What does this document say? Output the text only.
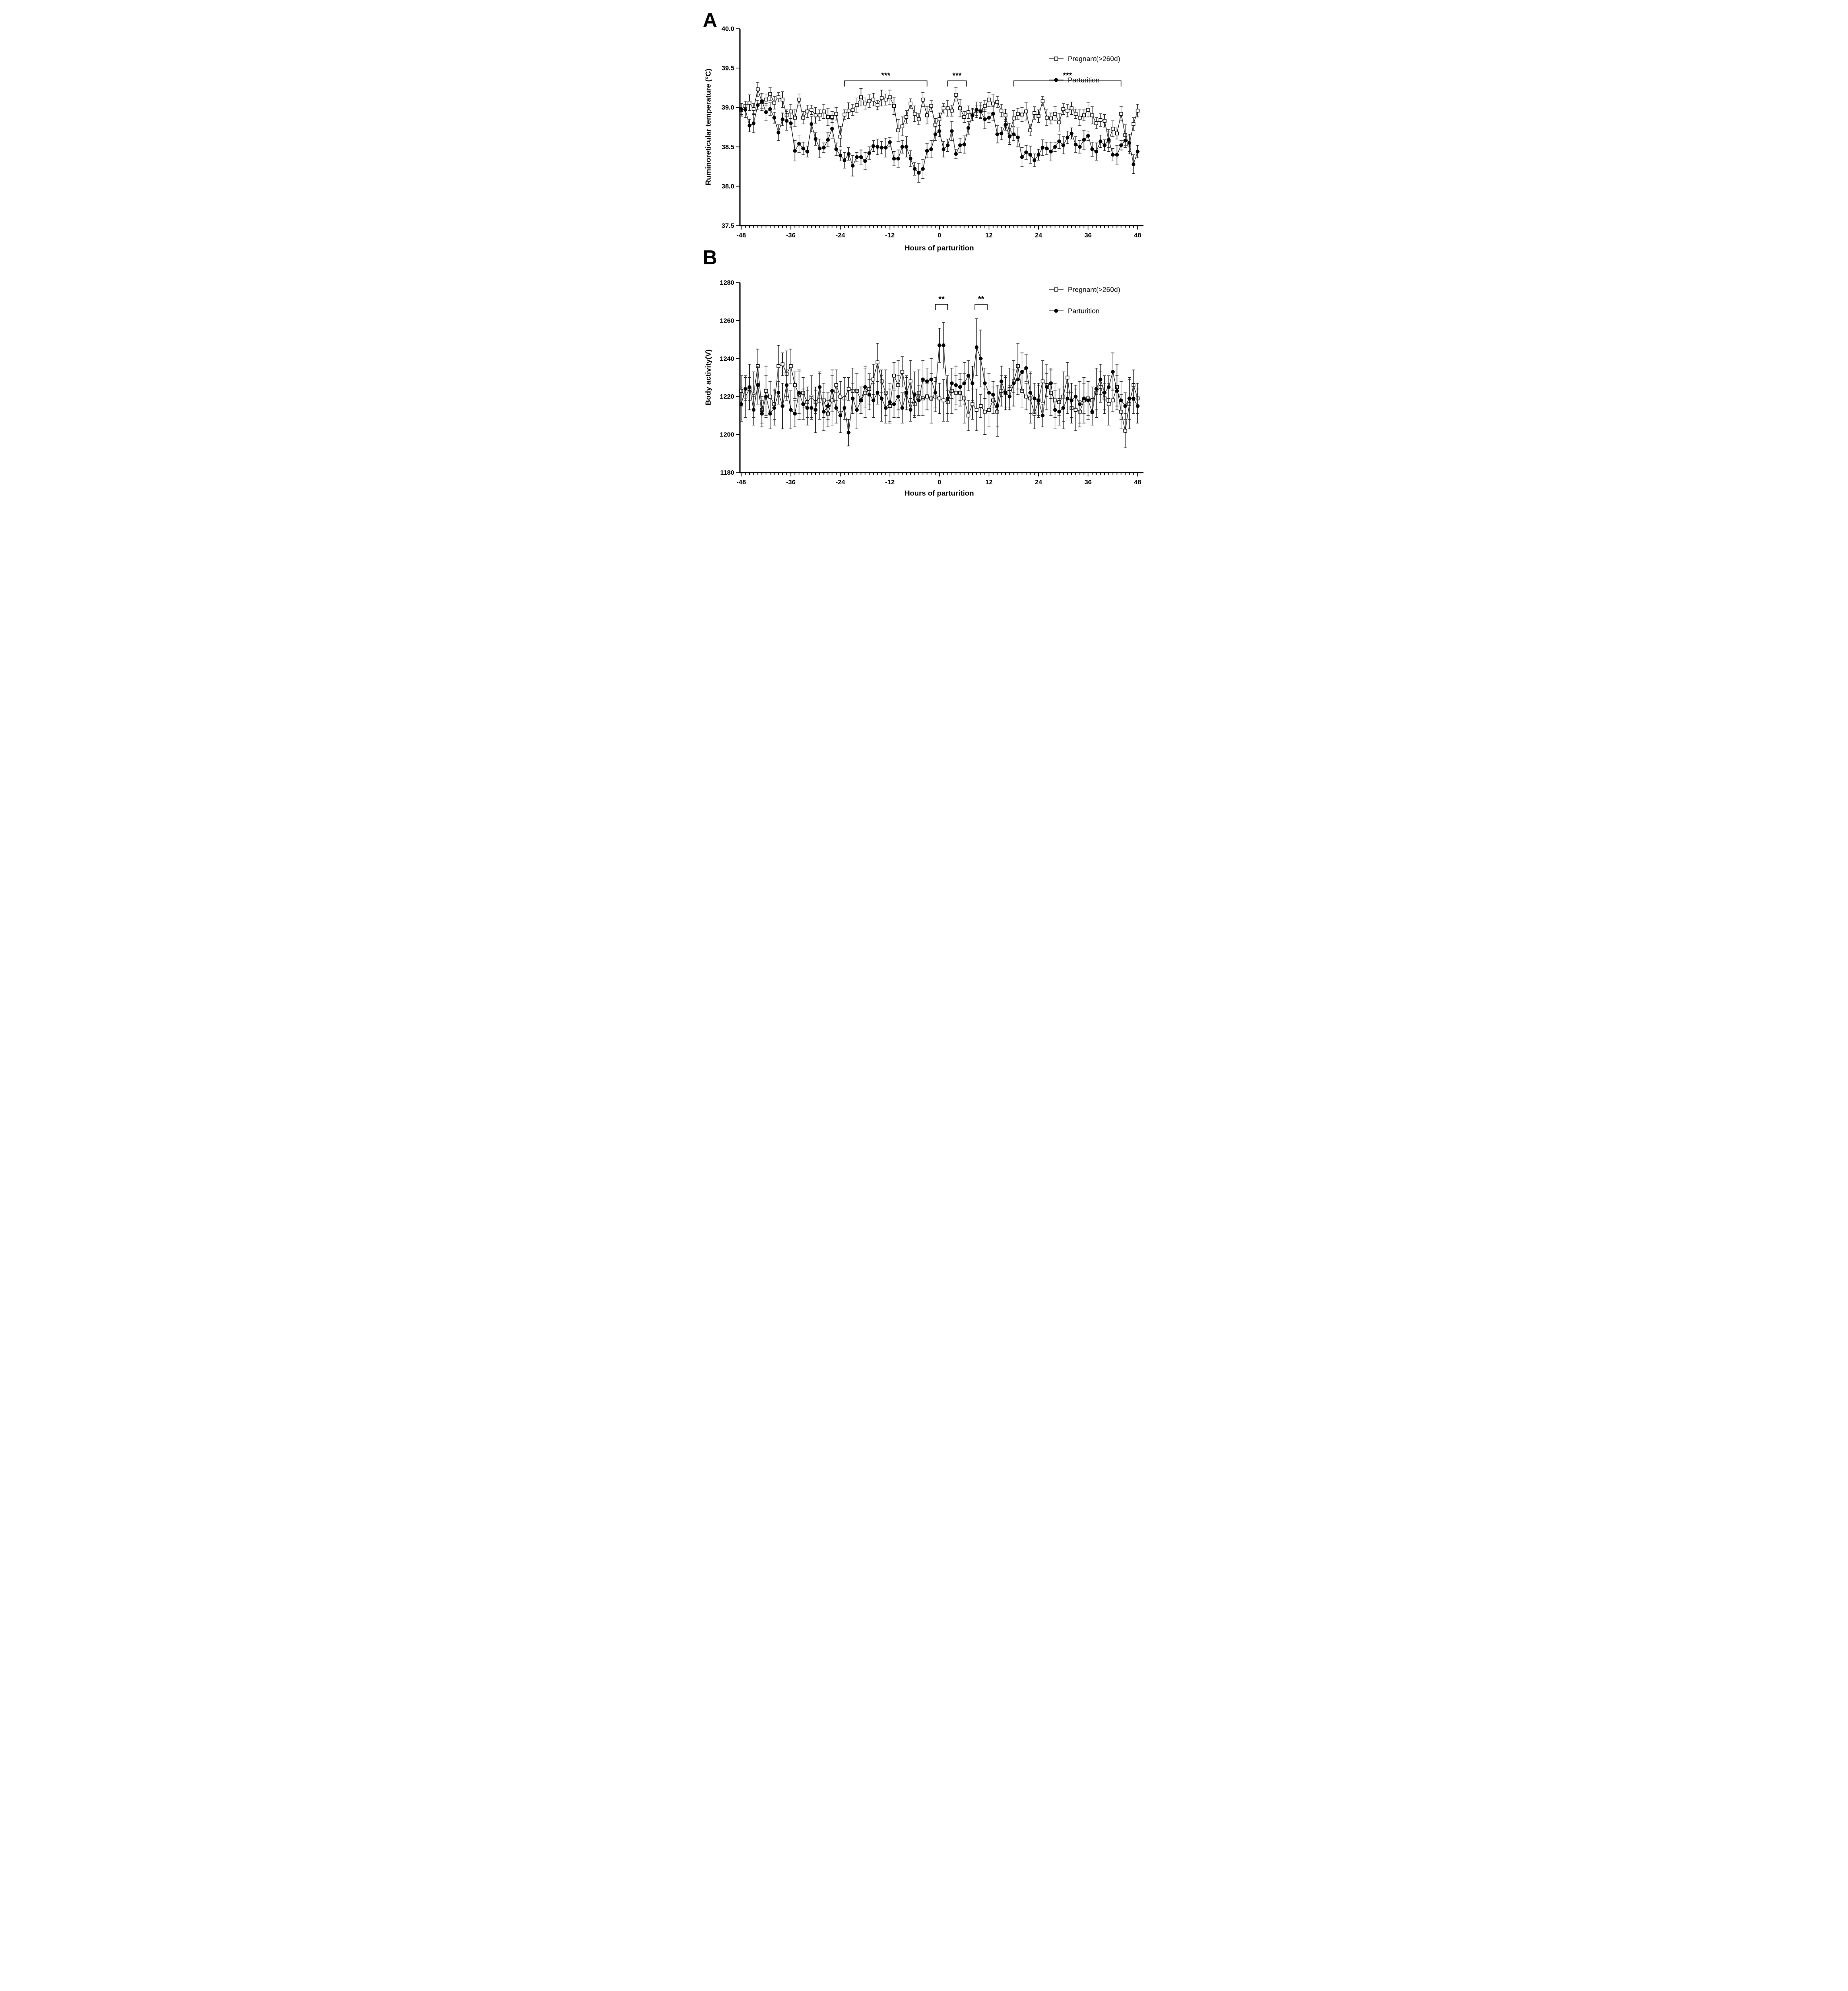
A
Ruminoreticular temperature (°C)
Hours of parturition
40.0
39.5
39.0
38.5
38.0
37.5
-48	-36	-24	-12	0	12	24	36	48
***	***	***
Pregnant(>260d)
Parturition
B
Body activity(V)
Hours of parturition
1280
1260
1240
1220
1200
1180
-48	-36	-24	-12	0	12	24	36	48
**	**
Pregnant(>260d)
Parturition
